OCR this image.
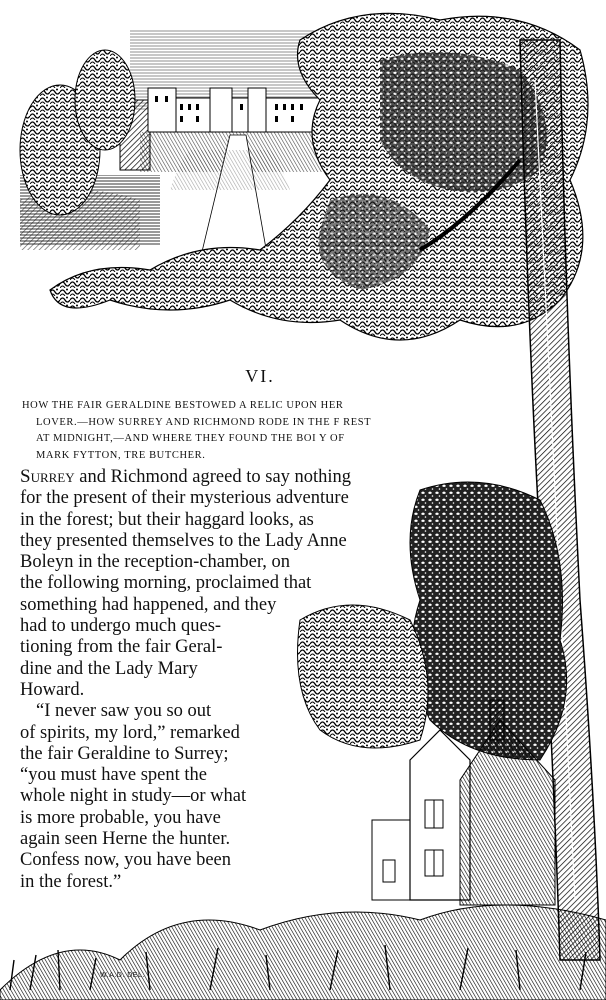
VI.
HOW THE FAIR GERALDINE BESTOWED A RELIC UPON HER
LOVER.—HOW SURREY AND RICHMOND RODE IN THE F REST
AT MIDNIGHT,—AND WHERE THEY FOUND THE BOI Y OF
MARK FYTTON, TRE BUTCHER.
Surrey and Richmond agreed to say nothing
for the present of their mysterious adventure
in the forest; but their haggard looks, as
they presented themselves to the Lady Anne
Boleyn in the reception-chamber, on
the following morning, proclaimed that
something had happened, and they
had to undergo much ques-
tioning from the fair Geral-
dine and the Lady Mary
Howard.
“I never saw you so out
of spirits, my lord,” remarked
the fair Geraldine to Surrey;
“you must have spent the
whole night in study—or what
is more probable, you have
again seen Herne the hunter.
Confess now, you have been
in the forest.”
W.A.D. DEL.
